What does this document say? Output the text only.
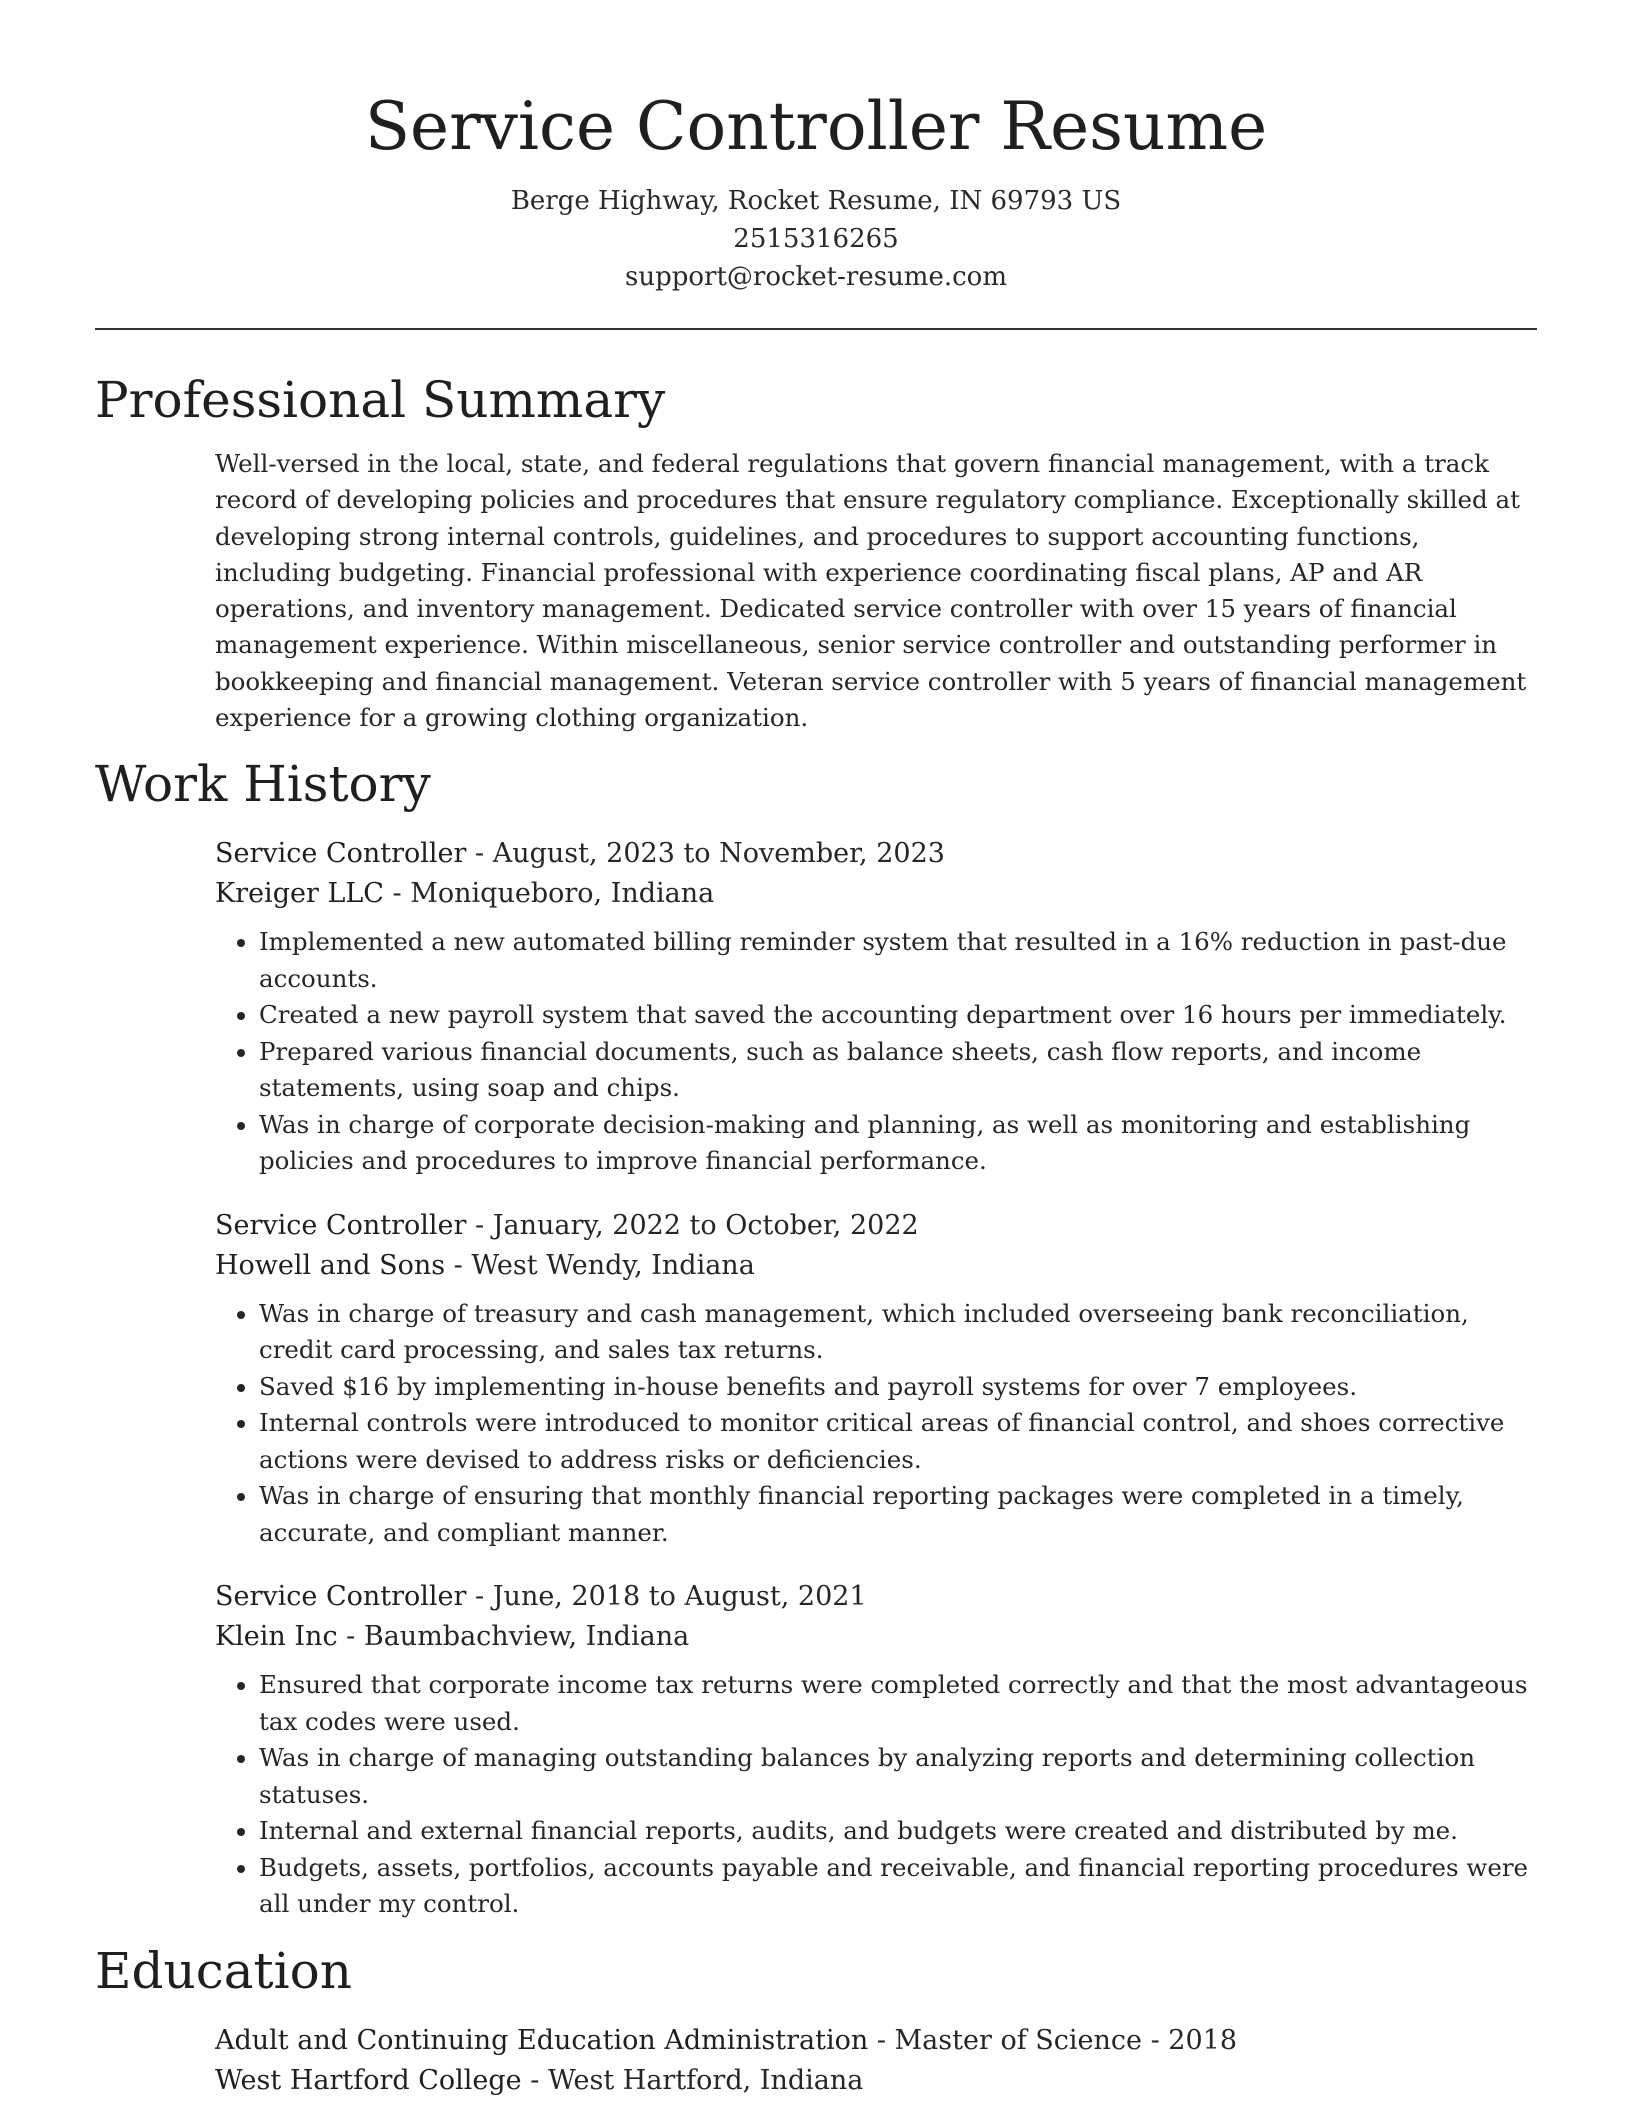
Service Controller Resume
Berge Highway, Rocket Resume, IN 69793 US
2515316265
support@rocket-resume.com
Professional Summary

Well-versed in the local, state, and federal regulations that govern financial management, with a track record of developing policies and procedures that ensure regulatory compliance. Exceptionally skilled at developing strong internal controls, guidelines, and procedures to support accounting functions, including budgeting. Financial professional with experience coordinating fiscal plans, AP and AR operations, and inventory management. Dedicated service controller with over 15 years of financial management experience. Within miscellaneous, senior service controller and outstanding performer in bookkeeping and financial management. Veteran service controller with 5 years of financial management experience for a growing clothing organization.

Work History
Service Controller - August, 2023 to November, 2023
Kreiger LLC - Moniqueboro, Indiana
• Implemented a new automated billing reminder system that resulted in a 16% reduction in past-due accounts.
• Created a new payroll system that saved the accounting department over 16 hours per immediately.
• Prepared various financial documents, such as balance sheets, cash flow reports, and income statements, using soap and chips.
• Was in charge of corporate decision-making and planning, as well as monitoring and establishing policies and procedures to improve financial performance.
Service Controller - January, 2022 to October, 2022
Howell and Sons - West Wendy, Indiana
• Was in charge of treasury and cash management, which included overseeing bank reconciliation, credit card processing, and sales tax returns.
• Saved $16 by implementing in-house benefits and payroll systems for over 7 employees.
• Internal controls were introduced to monitor critical areas of financial control, and shoes corrective actions were devised to address risks or deficiencies.
• Was in charge of ensuring that monthly financial reporting packages were completed in a timely, accurate, and compliant manner.
Service Controller - June, 2018 to August, 2021
Klein Inc - Baumbachview, Indiana
• Ensured that corporate income tax returns were completed correctly and that the most advantageous tax codes were used.
• Was in charge of managing outstanding balances by analyzing reports and determining collection statuses.
• Internal and external financial reports, audits, and budgets were created and distributed by me.
• Budgets, assets, portfolios, accounts payable and receivable, and financial reporting procedures were all under my control.
Education
Adult and Continuing Education Administration - Master of Science - 2018
West Hartford College - West Hartford, Indiana
